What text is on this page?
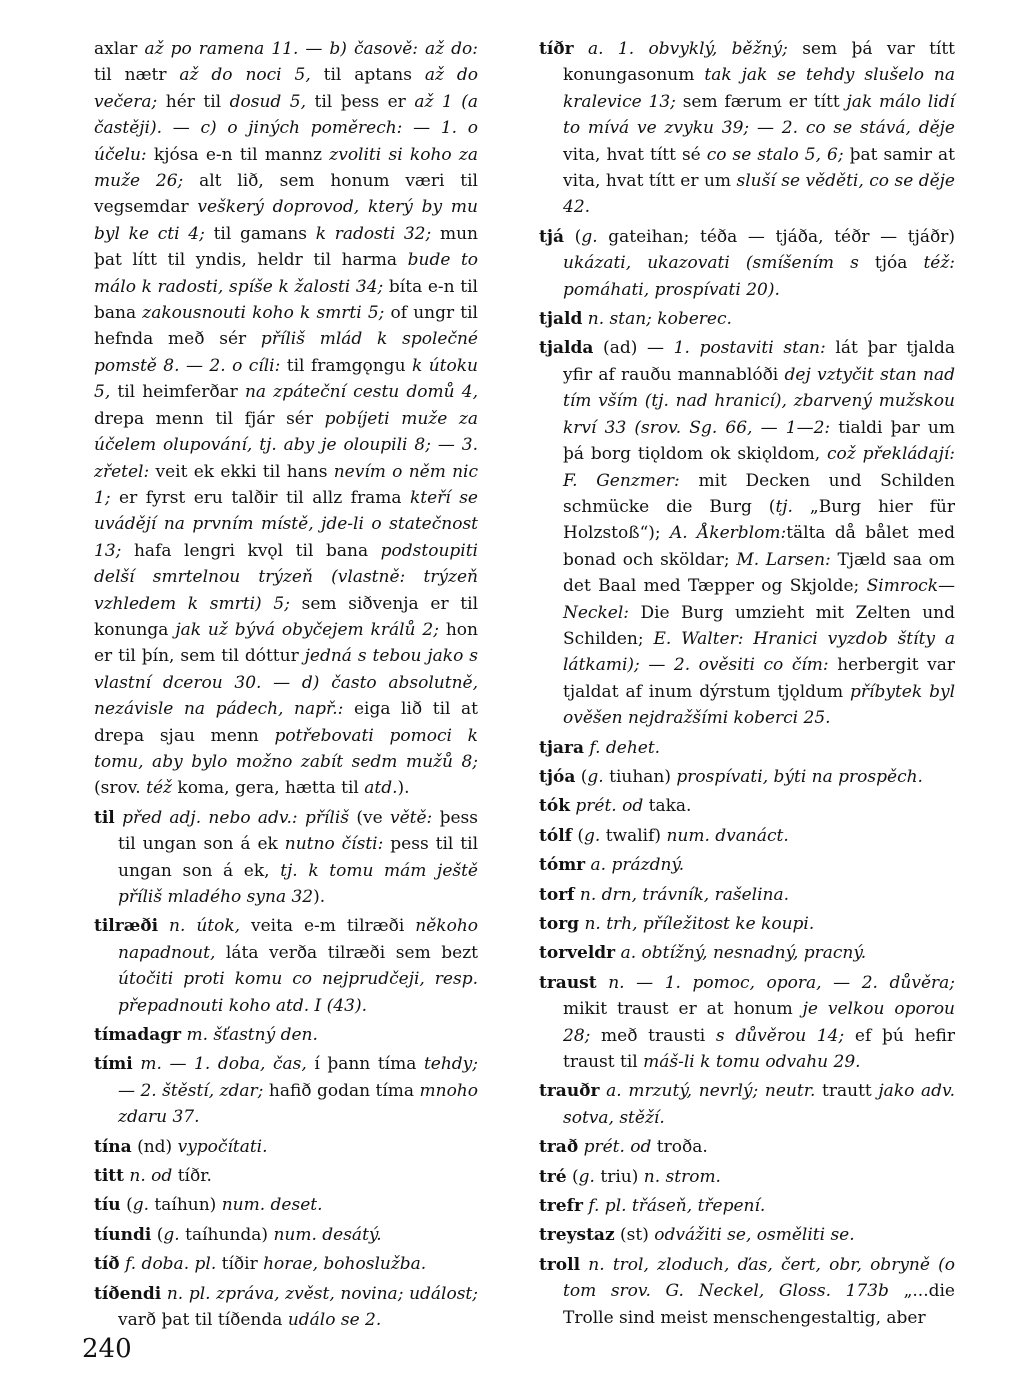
axlar až po ramena 11. — b) časově: až do: til nætr až do noci 5, til aptans až do večera; hér til dosud 5, til þess er až 1 (a častěji). — c) o jiných poměrech: — 1. o účelu: kjósa e-n til mannz zvoliti si koho za muže 26; alt lið, sem honum væri til vegsemdar veškerý doprovod, který by mu byl ke cti 4; til gamans k radosti 32; mun þat lítt til yndis, heldr til harma bude to málo k radosti, spíše k žalosti 34; bíta e-n til bana zakousnouti koho k smrti 5; of ungr til hefnda með sér příliš mlád k společné pomstě 8. — 2. o cíli: til framgǫngu k útoku 5, til heimferðar na zpáteční cestu domů 4, drepa menn til fjár sér pobíjeti muže za účelem olupování, tj. aby je oloupili 8; — 3. zřetel: veit ek ekki til hans nevím o něm nic 1; er fyrst eru talðir til allz frama kteří se uvádějí na prvním místě, jde-li o statečnost 13; hafa lengri kvǫl til bana podstoupiti delší smrtelnou trýzeň (vlastně: trýzeň vzhledem k smrti) 5; sem siðvenja er til konunga jak už bývá obyčejem králů 2; hon er til þín, sem til dóttur jedná s tebou jako s vlastní dcerou 30. — d) často absolutně, nezávisle na pádech, např.: eiga lið til at drepa sjau menn potřebovati pomoci k tomu, aby bylo možno zabít sedm mužů 8; (srov. též koma, gera, hætta til atd.).

til před adj. nebo adv.: příliš (ve větě: þess til ungan son á ek nutno čísti: pess til til ungan son á ek, tj. k tomu mám ještě příliš mladého syna 32).

tilræði n. útok, veita e-m tilræði někoho napadnout, láta verða tilræði sem bezt útočiti proti komu co nejprudčeji, resp. přepadnouti koho atd. I (43).

tímadagr m. šťastný den.

tími m. — 1. doba, čas, í þann tíma tehdy; — 2. štěstí, zdar; hafið godan tíma mnoho zdaru 37.

tína (nd) vypočítati.

titt n. od tíðr.

tíu (g. taíhun) num. deset.

tíundi (g. taíhunda) num. desátý.

tíð f. doba. pl. tíðir horae, bohoslužba.

tíðendi n. pl. zpráva, zvěst, novina; událost; varð þat til tíðenda událo se 2.

tíðr a. 1. obvyklý, běžný; sem þá var títt konungasonum tak jak se tehdy slušelo na kralevice 13; sem færum er títt jak málo lidí to mívá ve zvyku 39; — 2. co se stává, děje vita, hvat títt sé co se stalo 5, 6; þat samir at vita, hvat títt er um sluší se věděti, co se děje 42.

tjá (g. gateihan; téða — tjáða, téðr — tjáðr) ukázati, ukazovati (smíšením s tjóa též: pomáhati, prospívati 20).

tjald n. stan; koberec.

tjalda (ad) — 1. postaviti stan: lát þar tjalda yfir af rauðu mannablóði dej vztyčit stan nad tím vším (tj. nad hranicí), zbarvený mužskou krví 33 (srov. Sg. 66, — 1—2: tialdi þar um þá borg tiǫldom ok skiǫldom, což překládají: F. Genzmer: mit Decken und Schilden schmücke die Burg (tj. „Burg hier für Holzstoß“); A. Åkerblom:tälta då bålet med bonad och sköldar; M. Larsen: Tjæld saa om det Baal med Tæpper og Skjolde; Simrock—Neckel: Die Burg umzieht mit Zelten und Schilden; E. Walter: Hranici vyzdob štíty a látkami); — 2. ověsiti co čím: herbergit var tjaldat af inum dýrstum tjǫldum příbytek byl ověšen nejdražšími koberci 25.

tjara f. dehet.

tjóa (g. tiuhan) prospívati, býti na prospěch.

tók prét. od taka.

tólf (g. twalif) num. dvanáct.

tómr a. prázdný.

torf n. drn, trávník, rašelina.

torg n. trh, příležitost ke koupi.

torveldr a. obtížný, nesnadný, pracný.

traust n. — 1. pomoc, opora, — 2. důvěra; mikit traust er at honum je velkou oporou 28; með trausti s důvěrou 14; ef þú hefir traust til máš-li k tomu odvahu 29.

trauðr a. mrzutý, nevrlý; neutr. trautt jako adv. sotva, stěží.

trað prét. od troða.

tré (g. triu) n. strom.

trefr f. pl. třáseň, třepení.

treystaz (st) odvážiti se, osměliti se.

troll n. trol, zloduch, ďas, čert, obr, obryně (o tom srov. G. Neckel, Gloss. 173b „...die Trolle sind meist menschengestaltig, aber

240
